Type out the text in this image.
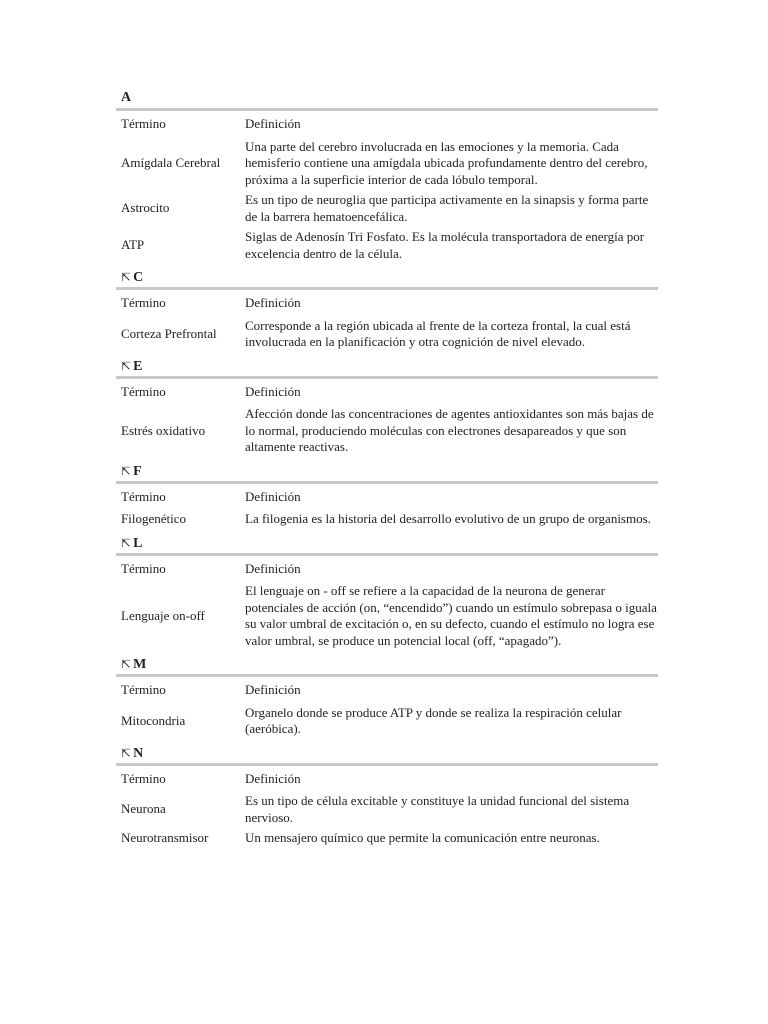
A
Término	Definición
Amígdala Cerebral	Una parte del cerebro involucrada en las emociones y la memoria. Cada hemisferio contiene una amígdala ubicada profundamente dentro del cerebro, próxima a la superficie interior de cada lóbulo temporal.
Astrocito	Es un tipo de neuroglia que participa activamente en la sinapsis y forma parte de la barrera hematoencefálica.
ATP	Siglas de Adenosín Tri Fosfato. Es la molécula transportadora de energía por excelencia dentro de la célula.
⇱ C
Término	Definición
Corteza Prefrontal	Corresponde a la región ubicada al frente de la corteza frontal, la cual está involucrada en la planificación y otra cognición de nivel elevado.
⇱ E
Término	Definición
Estrés oxidativo	Afección donde las concentraciones de agentes antioxidantes son más bajas de lo normal, produciendo moléculas con electrones desapareados y que son altamente reactivas.
⇱ F
Término	Definición
Filogenético	La filogenia es la historia del desarrollo evolutivo de un grupo de organismos.
⇱ L
Término	Definición
Lenguaje on-off	El lenguaje on - off se refiere a la capacidad de la neurona de generar potenciales de acción (on, “encendido”) cuando un estímulo sobrepasa o iguala su valor umbral de excitación o, en su defecto, cuando el estímulo no logra ese valor umbral, se produce un potencial local (off, “apagado”).
⇱ M
Término	Definición
Mitocondria	Organelo donde se produce ATP y donde se realiza la respiración celular (aeróbica).
⇱ N
Término	Definición
Neurona	Es un tipo de célula excitable y constituye la unidad funcional del sistema nervioso.
Neurotransmisor	Un mensajero químico que permite la comunicación entre neuronas.
